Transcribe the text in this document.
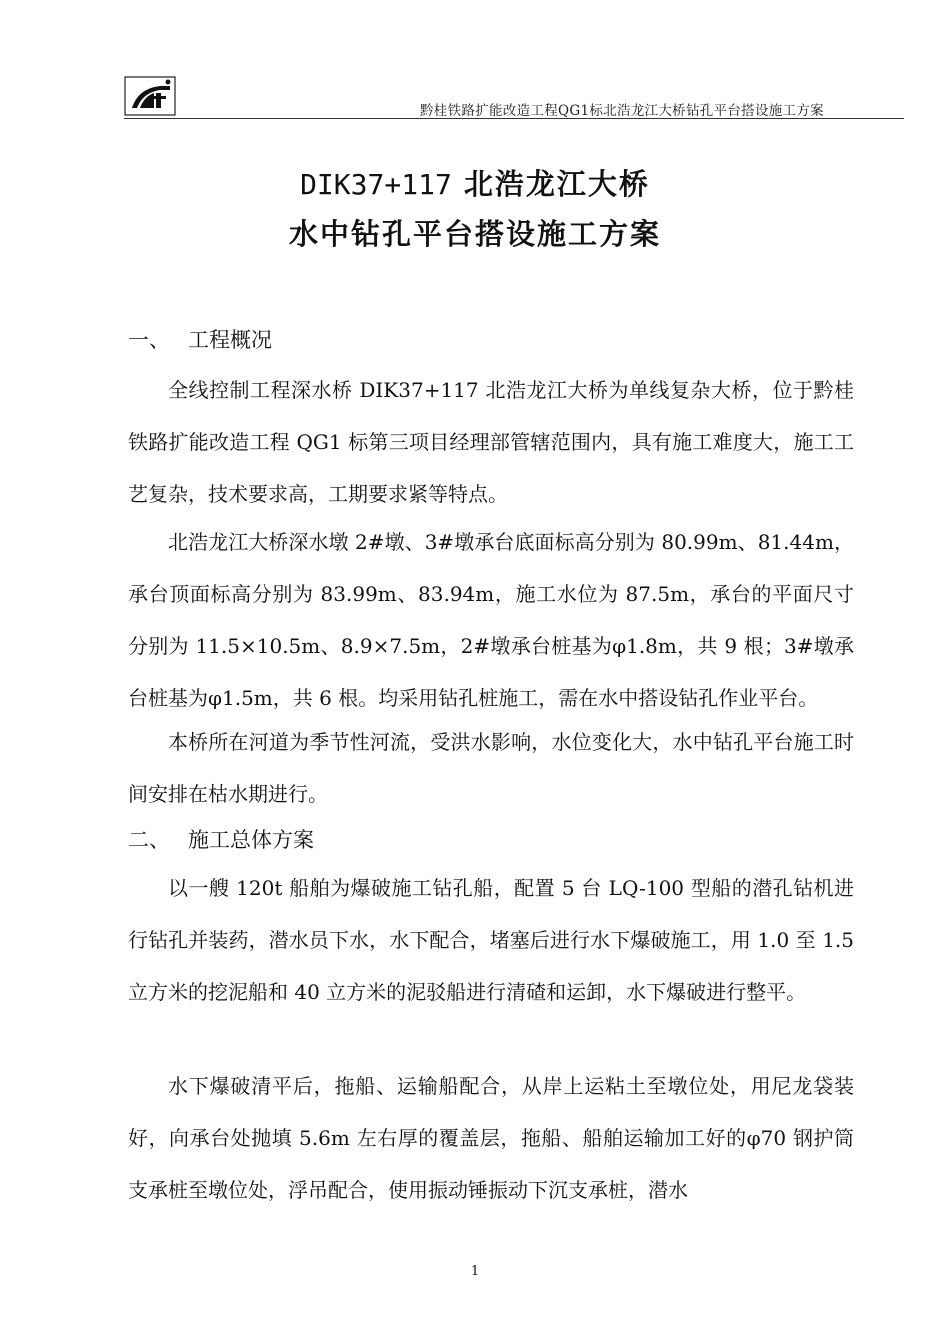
黔桂铁路扩能改造工程QG1标北浩龙江大桥钻孔平台搭设施工方案
DIK37+117 北浩龙江大桥
水中钻孔平台搭设施工方案
一、 工程概况

全线控制工程深水桥 DIK37+117 北浩龙江大桥为单线复杂大桥，位于黔桂铁路扩能改造工程 QG1 标第三项目经理部管辖范围内，具有施工难度大，施工工艺复杂，技术要求高，工期要求紧等特点。

北浩龙江大桥深水墩 2#墩、3#墩承台底面标高分别为 80.99m、81.44m，承台顶面标高分别为 83.99m、83.94m，施工水位为 87.5m，承台的平面尺寸分别为 11.5×10.5m、8.9×7.5m，2#墩承台桩基为φ1.8m，共 9 根；3#墩承台桩基为φ1.5m，共 6 根。均采用钻孔桩施工，需在水中搭设钻孔作业平台。

本桥所在河道为季节性河流，受洪水影响，水位变化大，水中钻孔平台施工时间安排在枯水期进行。

二、 施工总体方案

以一艘 120t 船舶为爆破施工钻孔船，配置 5 台 LQ-100 型船的潜孔钻机进行钻孔并装药，潜水员下水，水下配合，堵塞后进行水下爆破施工，用 1.0 至 1.5 立方米的挖泥船和 40 立方米的泥驳船进行清碴和运卸，水下爆破进行整平。

水下爆破清平后，拖船、运输船配合，从岸上运粘土至墩位处，用尼龙袋装好，向承台处抛填 5.6m 左右厚的覆盖层，拖船、船舶运输加工好的φ70 钢护筒支承桩至墩位处，浮吊配合，使用振动锤振动下沉支承桩，潜水

1
